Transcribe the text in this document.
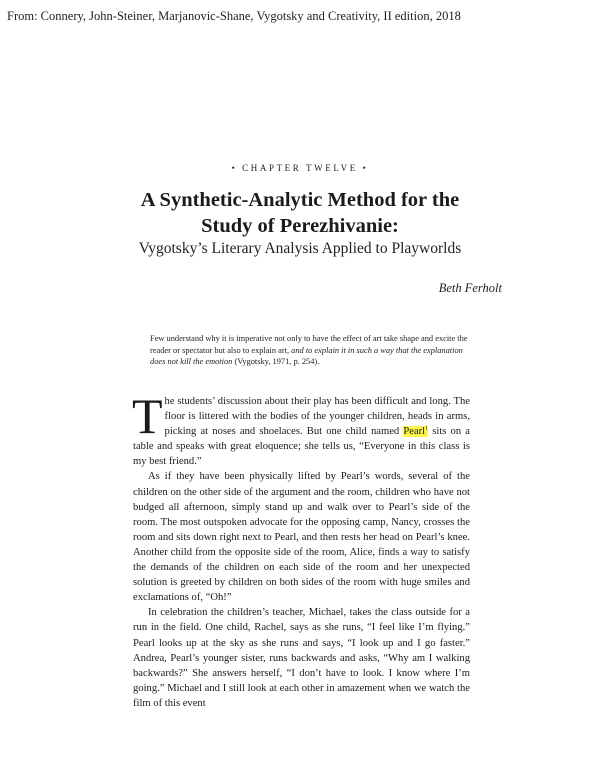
From: Connery, John-Steiner, Marjanovic-Shane, Vygotsky and Creativity, II edition, 2018
• CHAPTER TWELVE •
A Synthetic-Analytic Method for the
Study of Perezhivanie:
Vygotsky’s Literary Analysis Applied to Playworlds
Beth Ferholt
Few understand why it is imperative not only to have the effect of art take shape and excite the reader or spectator but also to explain art, and to explain it in such a way that the explanation does not kill the emotion (Vygotsky, 1971, p. 254).

The students’ discussion about their play has been difficult and long. The floor is littered with the bodies of the younger children, heads in arms, picking at noses and shoelaces. But one child named Pearl$^1$ sits on a table and speaks with great eloquence; she tells us, “Everyone in this class is my best friend.”

As if they have been physically lifted by Pearl’s words, several of the children on the other side of the argument and the room, children who have not budged all afternoon, simply stand up and walk over to Pearl’s side of the room. The most outspoken advocate for the opposing camp, Nancy, crosses the room and sits down right next to Pearl, and then rests her head on Pearl’s knee. Another child from the opposite side of the room, Alice, finds a way to satisfy the demands of the children on each side of the room and her unexpected solution is greeted by children on both sides of the room with huge smiles and exclamations of, “Oh!”

In celebration the children’s teacher, Michael, takes the class outside for a run in the field. One child, Rachel, says as she runs, “I feel like I’m flying.” Pearl looks up at the sky as she runs and says, “I look up and I go faster.” Andrea, Pearl’s younger sister, runs backwards and asks, “Why am I walking backwards?” She answers herself, “I don’t have to look. I know where I’m going.” Michael and I still look at each other in amazement when we watch the film of this event
